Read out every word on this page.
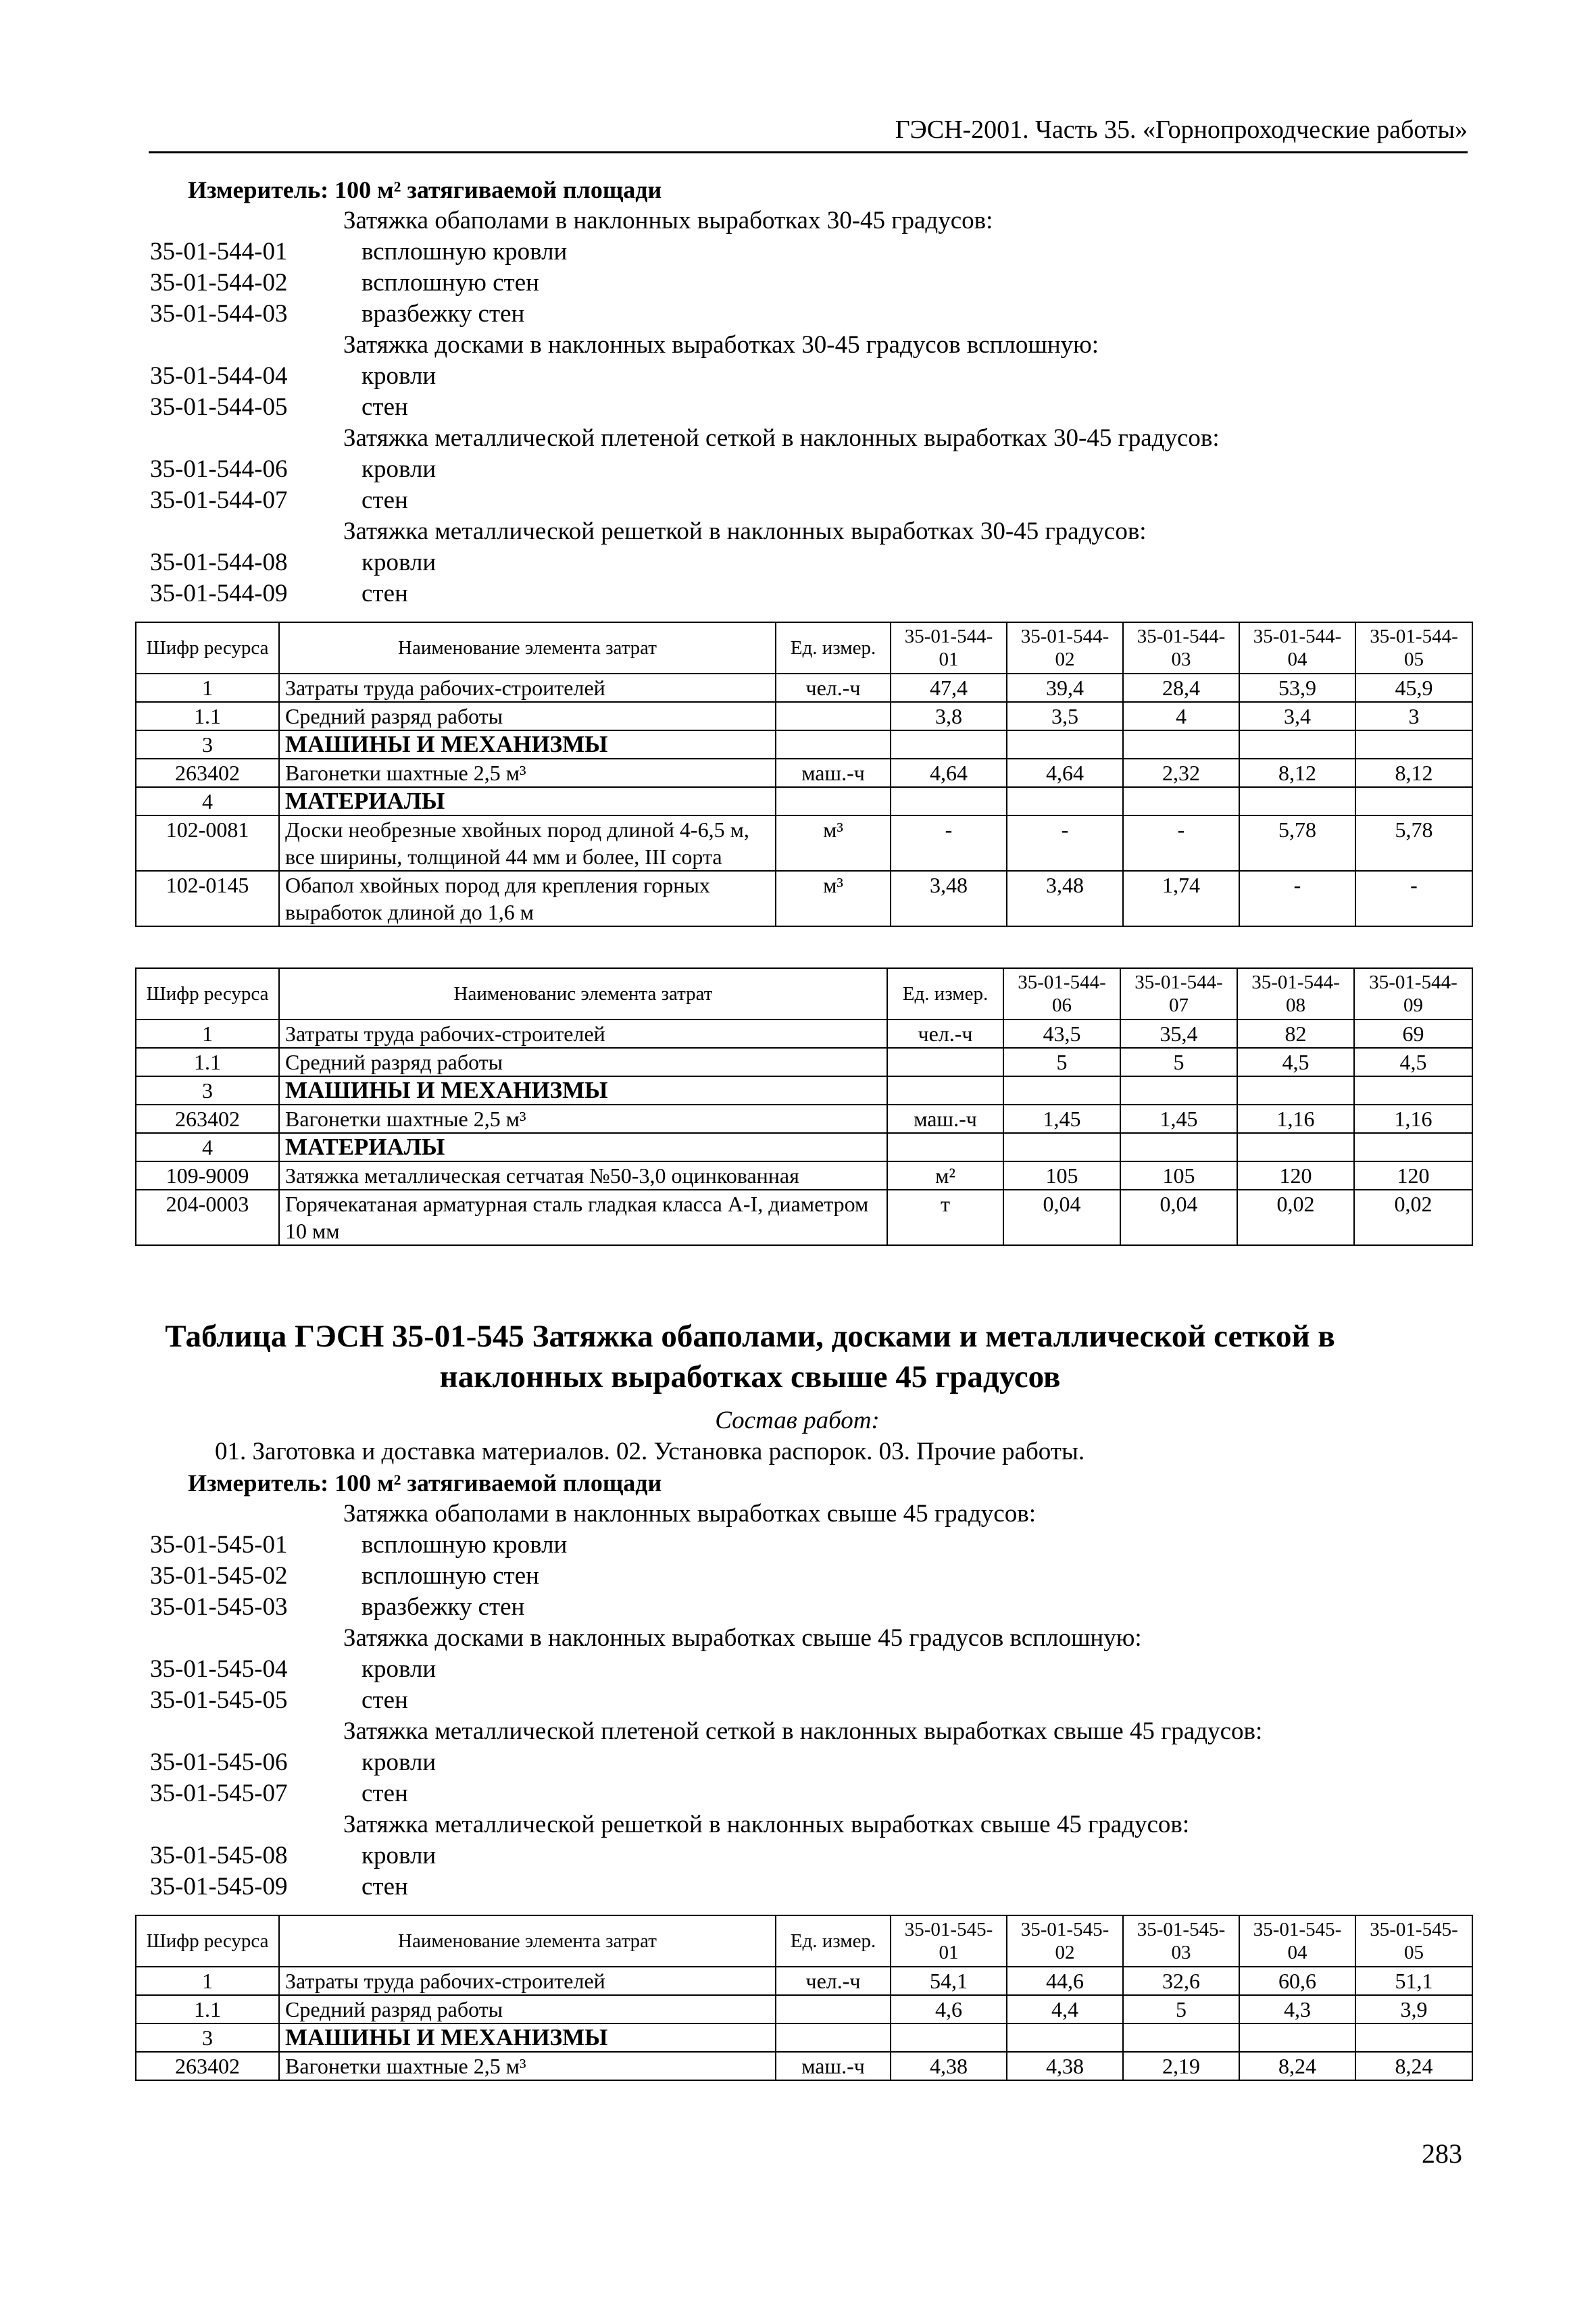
ГЭСН-2001. Часть 35. «Горнопроходческие работы»
Измеритель: 100 м² затягиваемой площади
Затяжка обаполами в наклонных выработках 30-45 градусов:
35-01-544-01	всплошную кровли
35-01-544-02	всплошную стен
35-01-544-03	вразбежку стен
Затяжка досками в наклонных выработках 30-45 градусов всплошную:
35-01-544-04	кровли
35-01-544-05	стен
Затяжка металлической плетеной сеткой в наклонных выработках 30-45 градусов:
35-01-544-06	кровли
35-01-544-07	стен
Затяжка металлической решеткой в наклонных выработках 30-45 градусов:
35-01-544-08	кровли
35-01-544-09	стен
Шифр ресурса	Наименование элемента затрат	Ед. измер.	35-01-544-01	35-01-544-02	35-01-544-03	35-01-544-04	35-01-544-05
1	Затраты труда рабочих-строителей	чел.-ч	47,4	39,4	28,4	53,9	45,9
1.1	Средний разряд работы		3,8	3,5	4	3,4	3
3	МАШИНЫ И МЕХАНИЗМЫ						
263402	Вагонетки шахтные 2,5 м³	маш.-ч	4,64	4,64	2,32	8,12	8,12
4	МАТЕРИАЛЫ						
102-0081	Доски необрезные хвойных пород длиной 4-6,5 м, все ширины, толщиной 44 мм и более, III сорта	м³	-	-	-	5,78	5,78
102-0145	Обапол хвойных пород для крепления горных выработок длиной до 1,6 м	м³	3,48	3,48	1,74	-	-
Шифр ресурса	Наименованис элемента затрат	Ед. измер.	35-01-544-06	35-01-544-07	35-01-544-08	35-01-544-09
1	Затраты труда рабочих-строителей	чел.-ч	43,5	35,4	82	69
1.1	Средний разряд работы		5	5	4,5	4,5
3	МАШИНЫ И МЕХАНИЗМЫ					
263402	Вагонетки шахтные 2,5 м³	маш.-ч	1,45	1,45	1,16	1,16
4	МАТЕРИАЛЫ					
109-9009	Затяжка металлическая сетчатая №50-3,0 оцинкованная	м²	105	105	120	120
204-0003	Горячекатаная арматурная сталь гладкая класса А-I, диаметром 10 мм	т	0,04	0,04	0,02	0,02
Таблица ГЭСН 35-01-545 Затяжка обаполами, досками и металлической сеткой в
наклонных выработках свыше 45 градусов
Состав работ:
01. Заготовка и доставка материалов. 02. Установка распорок. 03. Прочие работы.
Измеритель: 100 м² затягиваемой площади
Затяжка обаполами в наклонных выработках свыше 45 градусов:
35-01-545-01	всплошную кровли
35-01-545-02	всплошную стен
35-01-545-03	вразбежку стен
Затяжка досками в наклонных выработках свыше 45 градусов всплошную:
35-01-545-04	кровли
35-01-545-05	стен
Затяжка металлической плетеной сеткой в наклонных выработках свыше 45 градусов:
35-01-545-06	кровли
35-01-545-07	стен
Затяжка металлической решеткой в наклонных выработках свыше 45 градусов:
35-01-545-08	кровли
35-01-545-09	стен
Шифр ресурса	Наименование элемента затрат	Ед. измер.	35-01-545-01	35-01-545-02	35-01-545-03	35-01-545-04	35-01-545-05
1	Затраты труда рабочих-строителей	чел.-ч	54,1	44,6	32,6	60,6	51,1
1.1	Средний разряд работы		4,6	4,4	5	4,3	3,9
3	МАШИНЫ И МЕХАНИЗМЫ						
263402	Вагонетки шахтные 2,5 м³	маш.-ч	4,38	4,38	2,19	8,24	8,24
283
